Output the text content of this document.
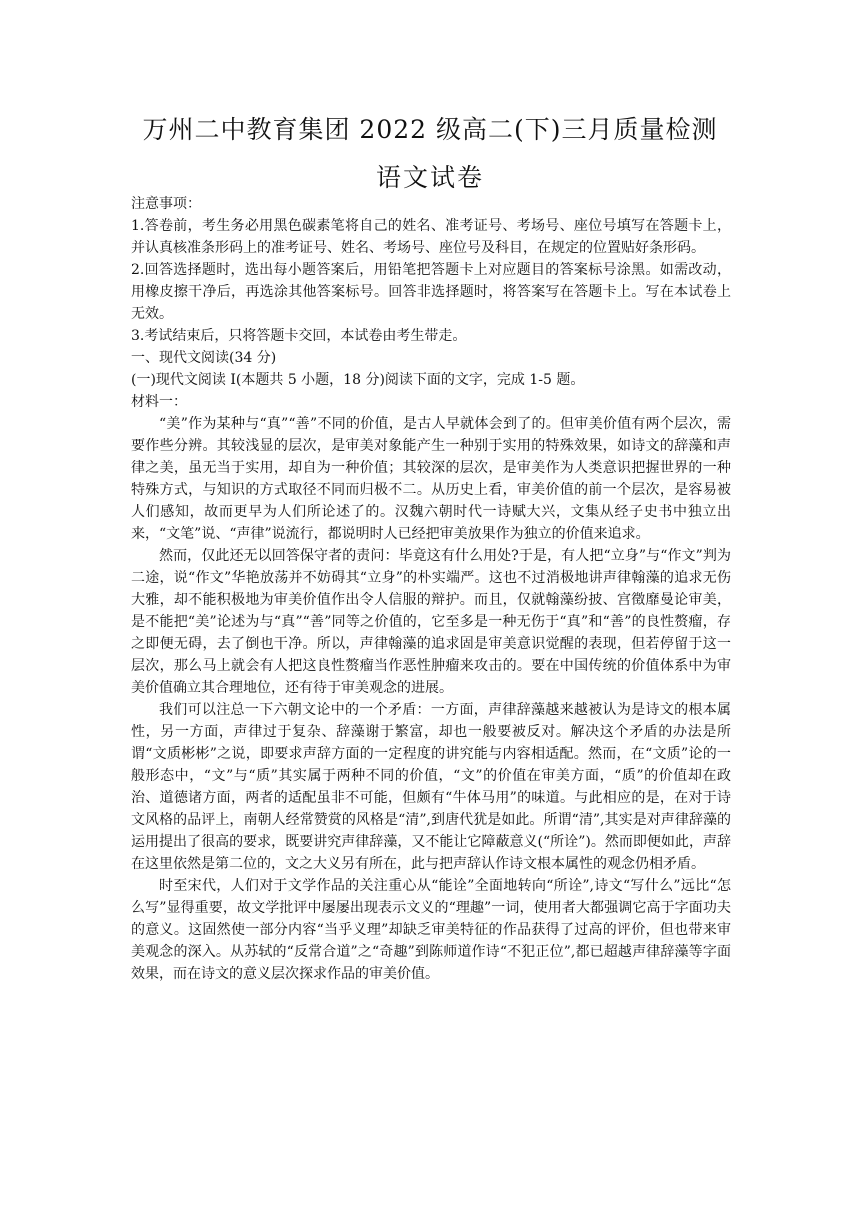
万州二中教育集团 2022 级高二(下)三月质量检测
语文试卷

注意事项：

1.答卷前，考生务必用黑色碳素笔将自己的姓名、准考证号、考场号、座位号填写在答题卡上，并认真核准条形码上的准考证号、姓名、考场号、座位号及科目，在规定的位置贴好条形码。

2.回答选择题时，选出每小题答案后，用铅笔把答题卡上对应题目的答案标号涂黑。如需改动，用橡皮擦干净后，再选涂其他答案标号。回答非选择题时，将答案写在答题卡上。写在本试卷上无效。

3.考试结束后，只将答题卡交回，本试卷由考生带走。

一、现代文阅读(34 分)

(一)现代文阅读 I(本题共 5 小题，18 分)阅读下面的文字，完成 1-5 题。

材料一：

“美”作为某种与“真”“善”不同的价值，是古人早就体会到了的。但审美价值有两个层次，需要作些分辨。其较浅显的层次，是审美对象能产生一种别于实用的特殊效果，如诗文的辞藻和声律之美，虽无当于实用，却自为一种价值；其较深的层次，是审美作为人类意识把握世界的一种特殊方式，与知识的方式取径不同而归极不二。从历史上看，审美价值的前一个层次，是容易被人们感知，故而更早为人们所论述了的。汉魏六朝时代一诗赋大兴，文集从经子史书中独立出来，“文笔”说、“声律”说流行，都说明时人已经把审美放果作为独立的价值来追求。

然而，仅此还无以回答保守者的责问：毕竟这有什么用处?于是，有人把“立身”与“作文”判为二途，说“作文”华艳放荡并不妨碍其“立身”的朴实端严。这也不过消极地讲声律翰藻的追求无伤大雅，却不能积极地为审美价值作出令人信服的辩护。而且，仅就翰藻纷披、宫徵靡曼论审美，是不能把“美”论述为与“真”“善”同等之价值的，它至多是一种无伤于“真”和“善”的良性赘瘤，存之即便无碍，去了倒也干净。所以，声律翰藻的追求固是审美意识觉醒的表现，但若停留于这一层次，那么马上就会有人把这良性赘瘤当作恶性肿瘤来攻击的。要在中国传统的价值体系中为审美价值确立其合理地位，还有待于审美观念的进展。

我们可以注总一下六朝文论中的一个矛盾：一方面，声律辞藻越来越被认为是诗文的根本属性，另一方面，声律过于复杂、辞藻谢于繁富，却也一般要被反对。解决这个矛盾的办法是所谓“文质彬彬”之说，即要求声辞方面的一定程度的讲究能与内容相适配。然而，在“文质”论的一般形态中，“文”与“质”其实属于两种不同的价值，“文”的价值在审美方面，“质”的价值却在政治、道德诸方面，两者的适配虽非不可能，但颇有“牛体马用”的味道。与此相应的是，在对于诗文风格的品评上，南朝人经常赞赏的风格是“清”,到唐代犹是如此。所谓“清”,其实是对声律辞藻的运用提出了很高的要求，既要讲究声律辞藻，又不能让它障蔽意义(“所诠”)。然而即便如此，声辞在这里依然是第二位的，文之大义另有所在，此与把声辞认作诗文根本属性的观念仍相矛盾。

时至宋代，人们对于文学作品的关注重心从“能诠”全面地转向“所诠”,诗文“写什么”远比“怎么写”显得重要，故文学批评中屡屡出现表示文义的“理趣”一词，使用者大都强调它高于字面功夫的意义。这固然使一部分内容“当乎义理”却缺乏审美特征的作品获得了过高的评价，但也带来审美观念的深入。从苏轼的“反常合道”之“奇趣”到陈师道作诗“不犯正位”,都已超越声律辞藻等字面效果，而在诗文的意义层次探求作品的审美价值。
